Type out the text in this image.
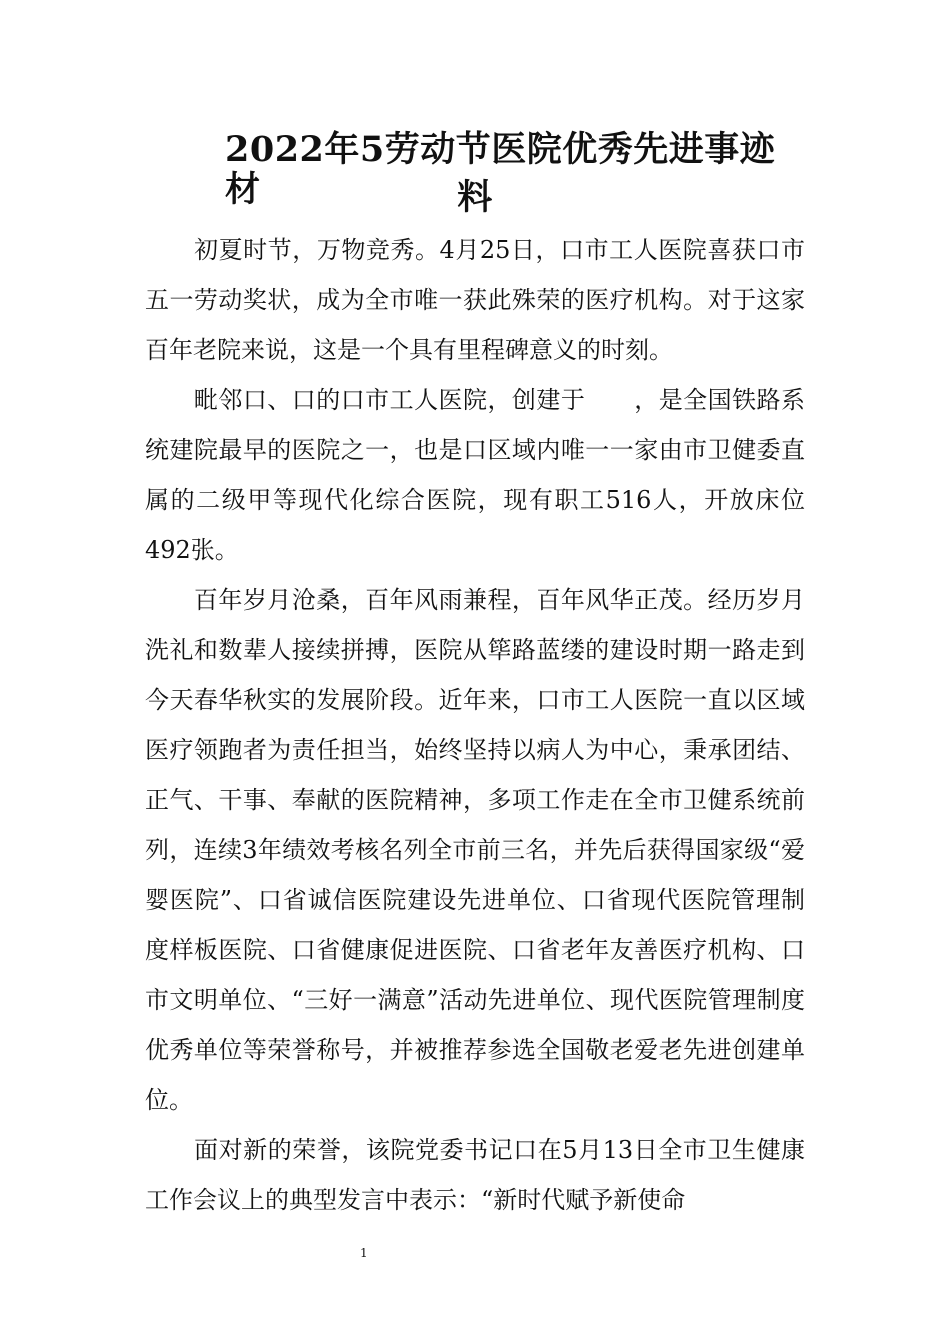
2022年5劳动节医院优秀先进事迹材	料

　　初夏时节，万物竞秀。4月25日，口市工人医院喜获口市五一劳动奖状，成为全市唯一获此殊荣的医疗机构。对于这家百年老院来说，这是一个具有里程碑意义的时刻。

　　毗邻口、口的口市工人医院，创建于　　，是全国铁路系统建院最早的医院之一，也是口区域内唯一一家由市卫健委直属的二级甲等现代化综合医院，现有职工516人，开放床位492张。

　　百年岁月沧桑，百年风雨兼程，百年风华正茂。经历岁月洗礼和数辈人接续拼搏，医院从筚路蓝缕的建设时期一路走到今天春华秋实的发展阶段。近年来，口市工人医院一直以区域医疗领跑者为责任担当，始终坚持以病人为中心，秉承团结、正气、干事、奉献的医院精神，多项工作走在全市卫健系统前列，连续3年绩效考核名列全市前三名，并先后获得国家级“爱婴医院”、口省诚信医院建设先进单位、口省现代医院管理制度样板医院、口省健康促进医院、口省老年友善医疗机构、口市文明单位、“三好一满意”活动先进单位、现代医院管理制度优秀单位等荣誉称号，并被推荐参选全国敬老爱老先进创建单位。

　　面对新的荣誉，该院党委书记口在5月13日全市卫生健康工作会议上的典型发言中表示：“新时代赋予新使命

1
